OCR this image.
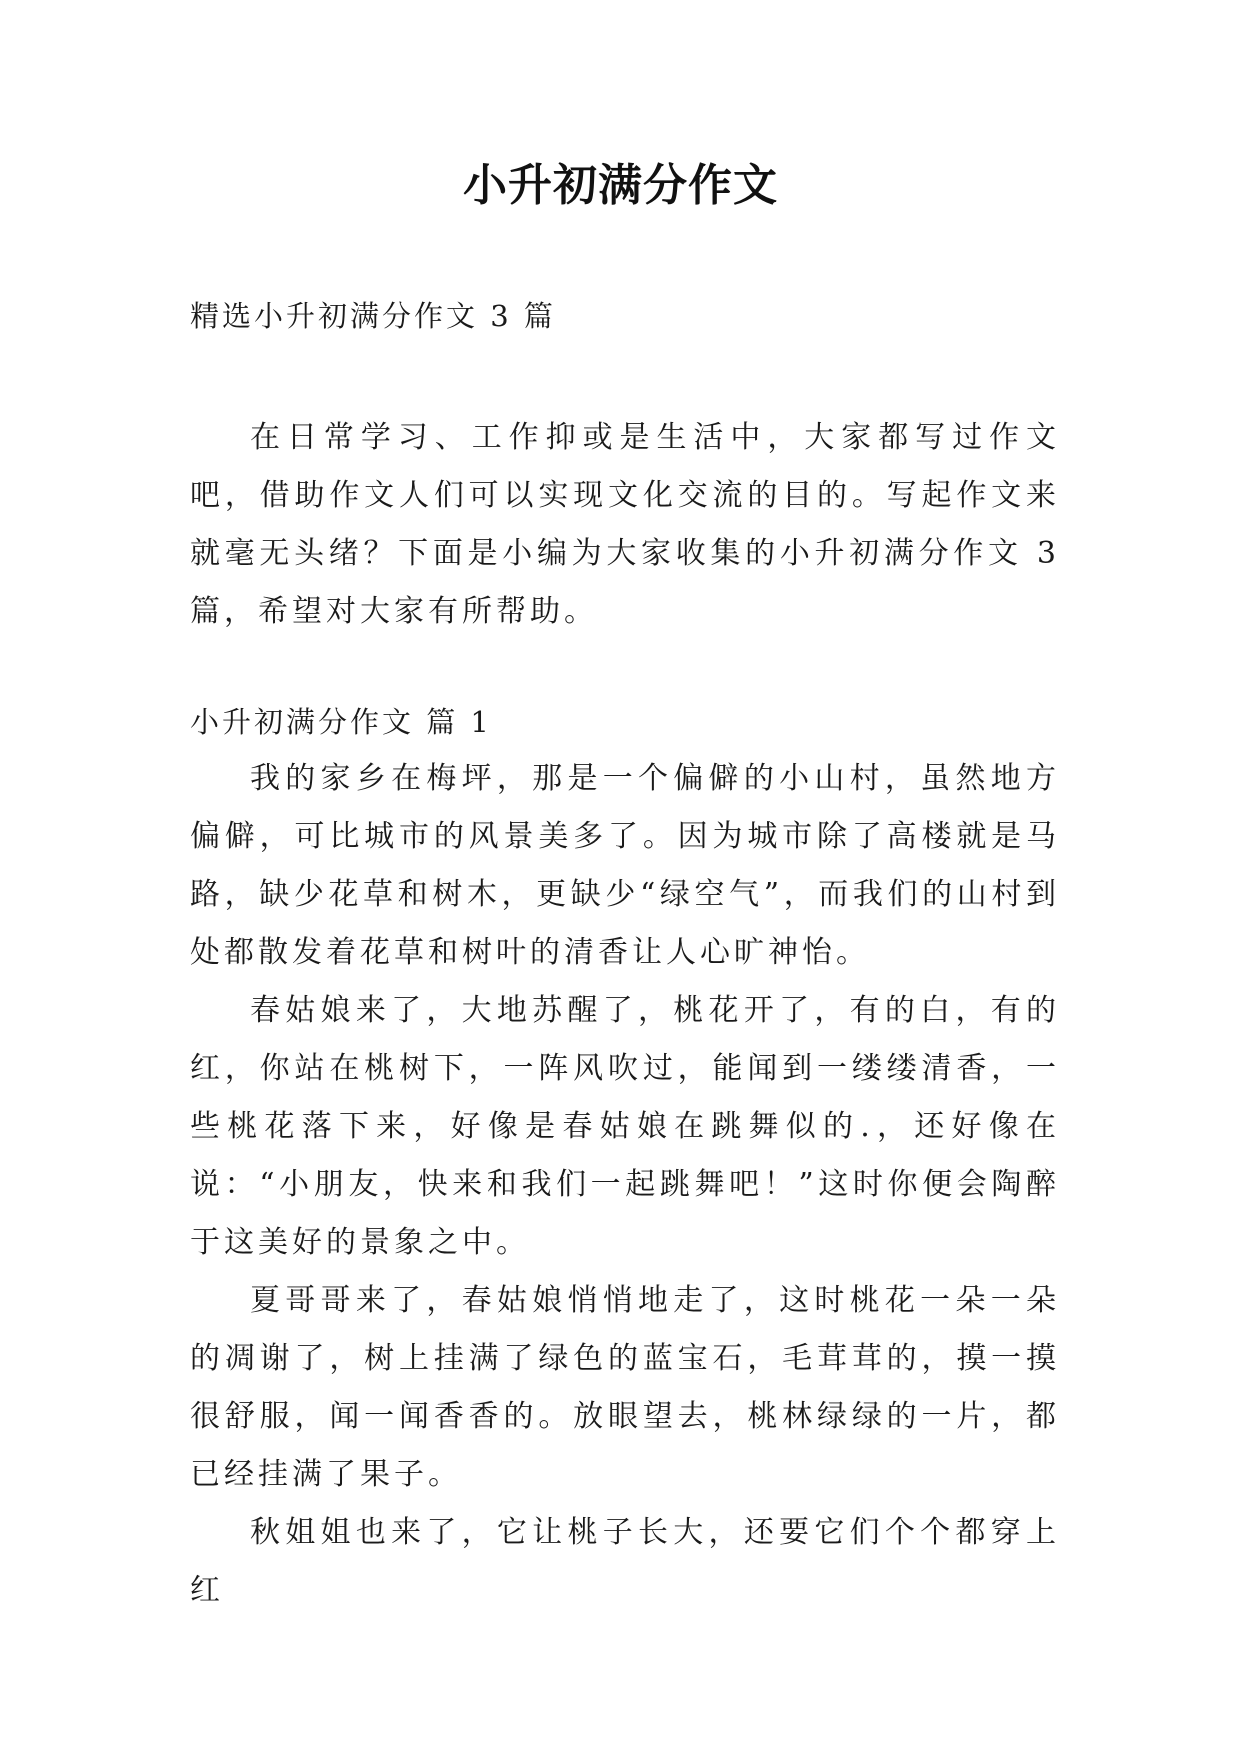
小升初满分作文
精选小升初满分作文 3 篇

在日常学习、工作抑或是生活中，大家都写过作文吧，借助作文人们可以实现文化交流的目的。写起作文来就毫无头绪？下面是小编为大家收集的小升初满分作文 3 篇，希望对大家有所帮助。

小升初满分作文 篇 1

我的家乡在梅坪，那是一个偏僻的小山村，虽然地方偏僻，可比城市的风景美多了。因为城市除了高楼就是马路，缺少花草和树木，更缺少“绿空气”，而我们的山村到处都散发着花草和树叶的清香让人心旷神怡。

春姑娘来了，大地苏醒了，桃花开了，有的白，有的红，你站在桃树下，一阵风吹过，能闻到一缕缕清香，一些桃花落下来，好像是春姑娘在跳舞似的.，还好像在说：“小朋友，快来和我们一起跳舞吧！”这时你便会陶醉于这美好的景象之中。

夏哥哥来了，春姑娘悄悄地走了，这时桃花一朵一朵的凋谢了，树上挂满了绿色的蓝宝石，毛茸茸的，摸一摸很舒服，闻一闻香香的。放眼望去，桃林绿绿的一片，都已经挂满了果子。

秋姐姐也来了，它让桃子长大，还要它们个个都穿上红
